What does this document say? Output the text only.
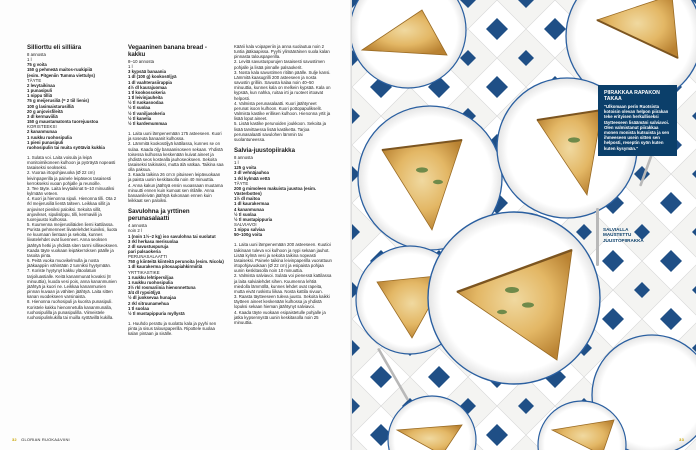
Silliorttu eli silliära

8 annosta

1 l
75 g voita
150 g pehmeää maitos-ruukipiiä
(esim. Pitgeniin Tumma viettulys)
TÄYTE
2 levytaikinaa
1 punasipuli
1 nippu tilliä
75 g meijerusiliä (= 2 tiil lienis)
100 g lasimaistarusilliä
20 g anjovisfileitä
3 dl kermaviiliä
150 g maustamatonta tuorejuustoa
KORISTEEKSI
2 kananmunaa
1 ruukku ruohosipulia
1 pieni punasipuli
ruohosipulin tai muita syötäviä kukkia

1. Sulata voi. Laita voisula ja leipä monitoimikoneen kulhoon ja pyöräytä nopeasti tasaiseksi seokseksi.

2. Vuoraa irtopohjavuoka (Ø 22 cm) leivinpaperilla ja painele leipäseos tasaisesti kerrokseksi vuoan pohjalle ja reunoille.

3. Tee täyte. Laita levytaikinat 5–10 minuutiksi kylmään veteen.

4. Kuori ja hienonna sipuli. Hienonna tilli. Ota 2 rkl meijerusiliä lientä talteen. Leikkaa sillit ja anjoviset pieniksi paloiksi. Sekoita sillit, anjovikset, sipulisilppu, tilli, kermaviili ja tuorejuusto kulhossa.

5. Kuumenna meijerusiliäiden liemi kattilassa. Purista pehmenneet liivatelehdet kuiviksi, liuota ne kuumaan lientaan ja sekoita, kunnes liivatelehdet ovat liuenneet. Anna seoksen jäähtyä hetki ja yhdistä siten tarmi silliseokseen. Kaada täyte vuokaan leipäkerroksen päälle ja tasoita pinta.

6. Peitä vuoka muovikelmulla ja nosta jääkaappiin vähintään 2 tunniksi hyytymään.

7. Koriste hyytynyt kakku yläoolatuin tarjoiluastialle. Keitä kananmunat kovaksi (8 minuuttia), kuoda vesi pois, anna kananmunien jäähtyä ja kuori ne. Leikkaa kananmunien pinnan kuvaan ja vähiten jäähtyä. Laita sitten kanan vuodekseen varsinaista.

8. Hienonna ruohosipuli ja kuorita punasipuli. Koristele kakku hienonnetulla kananmunalla, ruohosipulilla ja punasipulilla. Viimeistele ruohosipulinkukilla tai muilla syötävillä kukilla.

Vegaaninen banana bread -kakku

8–10 annosta

1 l
3 kypsää banaania
1 dl (100 g) kookosöljyä
1 dl vaahterasiirappia
4½ dl kaurajuomaa
1 tl kookossokeria
1 tl leivinjauheita
½ tl ruokasoodaa
½ tl suolaa
½ tl vaniljasokeria
½ tl kanelia
½ tl kardemummaa

1. Laita uuni lämpenemään 175 asteeseen. Kuori ja soseuta banaanit kulhossa.

2. Lämmitä kookosöljyä kattilassa, kunnes se on sulaa. Kaada öljy banaanisoseen sekaan. Yhdistä toisessa kulhossa keskenään kuivat aineet ja yhdistä seos kostealla jauhoseokseen. Sekoita tasaiseksi taikinaksi, mutta älä vatkaa. Taikina saa olla paksua.

3. Kaada taikina 26 cm:n pituiseen leipävuokaan ja paista uunin keskitasolla noin 40 minuuttia.

4. Anna kakun jäähtyä ensin vuoassaan muutama minuutti ennen kuin kumoat sen ritilälle. Anna banaanileivän jäähtyä kokonaan ennen kuin leikkaat sen paloiksi.

Savulohna ja yrttinen perunasalaatti

4 annosta

noin 2 l
1 (noin 1½–2 kg) iso savulohna tai suolatut
3 rkl herkasa merisuolaa
2 dl savustuspuruja
pari palsaokeria
PERUNASALAATTI
750 g kiinteitä kiinteitä perunoita (esim. Nicola)
1 dl kaurakerma pitosaapiahkirmiitiä
YRTTIKASTIKE
1 ruukku lehtipersiljaa
1 ruukku ruohosipulia
3½ rkl rosmariinia hienonnettuna
3/4 dl rypsiöljyä
½ dl juoksevaa hunajaa
2 rkl sitruunamehua
1 tl suolaa
½ tl mustapippuria myllystä

1. Huuhdo perattu ja suolattu kala ja pyyhi sen pinta ja sisus talouspaperilla. Ripottele suolaa kalan pintaan ja sisälle.

Käärii kala voipaperiin ja anna suolautua noin 2 tuntia jääkaapissa. Pyyhi ylimääräinen suola kalan pinnasta talouspaperilla.

2. Levitä savustuspurujen tasaisesti savustimen pohjalle ja lisää pinnalle palsaokerit.

3. Nosta kala savustimen ritilän päälle. Sulje kansi. Lämmitä kaasugrilli 200 asteeseen ja nosta savustin grilliin. Savusta kalaa noin 40–50 minuuttia, kunnes kala on melkein kypsää. Kala on kypsää, kun nahka, ruitaa irti ja ruoteet irtoavat helposti.

4. Valmista perunasalaatti. Kuori jäähtyneet perunat isoon kulhoon. Kuori pottopapulikselit. Valmista kastike erillisen kulhoon. Hienonna yrtit ja lisää loput aineet.

5. Lisää kastike perunoiden joukkoon. Sekoita ja lisää tarvittaessa lisää kastiketta. Tarjoa perunasalaatti savulohen lämmin tai suolantuneessa.

Salvia-juustopiirakka

8 annosta

1 l
125 g voita
3 dl vehnäjauhoa
1 rkl kylmää vettä
TÄYTE
200 g mimoleen makuista juustoa (esim. Västerbotten)
1½ dl maitoa
1 dl kaurakermaa
4 kananmunaa
½ tl suolaa
½ tl mustapippuria
SALVIAVOI
1 nippu salviaa
50–100g voita

1. Laita uuni lämpenemään 200 asteeseen. Kuutioi taikinaan tuleva voi kulhoon ja nypi sekaan jauhot. Lisää kylmä vesi ja sekoita taikina nopeasti tasaiseksi. Painele taikina leivinpaperilla vuorattuun irtopohjavuokaan (Ø 22 cm) ja esipaista pohjaa uunin keskitasolla noin 10 minuuttia.

2. Valmista salviavoi. Sulata voi pienessä kattilassa ja laita salvialehdet sihen. Kuumenna lehtiä miedolla lämmöllä, kunnes lehdet ovat rapeita, mutta eivät ruskistu liikaa. Nosta kattila sivuun.

3. Raasta täytteeseen tuleva juusto. Sekoita kaikki täytteen aineet keskenään kulhossa ja yhdistä lopuksi sekaan hieman jäähtynyt salviavoi.

4. Kaada täyte vuokaan esipaistetulle pohjalle ja jatka kypsennystä uunin keskitasolla noin 25 minuuttia.

32 GLORIAN RUOKA&VIINI
PIIRAKKAA RAPAKON TAKAA
"Ulkomaan perin Ruotsista kotoisin olevan helpon piirakan teke erityisen herkulliseksi täytteeseen lisäämäni salviavoi. Olen valmistanut piirakkaa monen monista kutsuista ja sen ihmeeseen usein sitten sen helposti, reseptin syön kuten kuten kysymän."
SALVIALLA MAUSTETTU JUUSTOPIIRAKKA
GLORIAN RUOKA&VIINI 33
